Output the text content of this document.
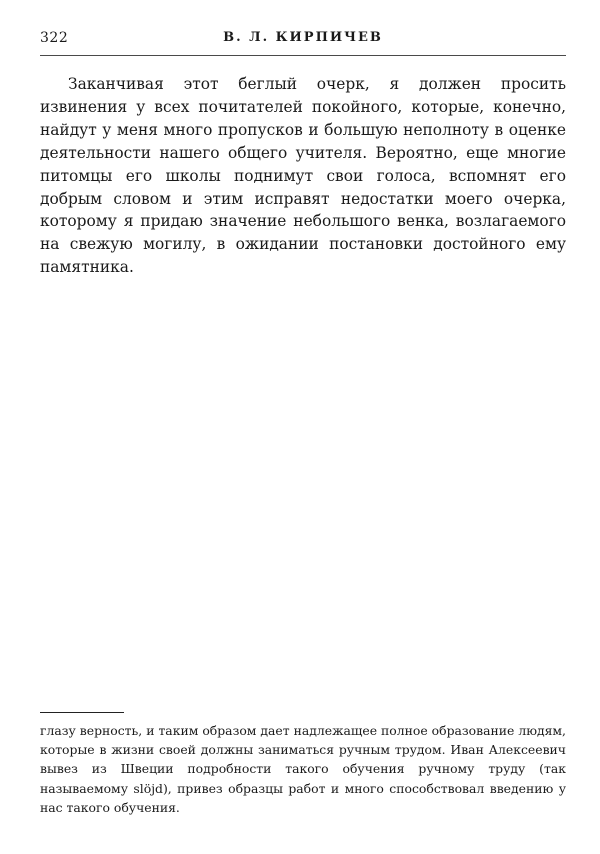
322	В. Л. КИРПИЧЕВ

Заканчивая этот беглый очерк, я должен просить извинения у всех почитателей покойного, которые, конечно, найдут у меня много пропусков и большую неполноту в оценке деятельности нашего общего учителя. Вероятно, еще многие питомцы его школы поднимут свои голоса, вспомнят его добрым словом и этим исправят недостатки моего очерка, которому я придаю значение небольшого венка, возлагаемого на свежую могилу, в ожидании постановки достойного ему памятника.

глазу верность, и таким образом дает надлежащее полное образование людям, которые в жизни своей должны заниматься ручным трудом. Иван Алексеевич вывез из Швеции подробности такого обучения ручному труду (так называемому slöjd), привез образцы работ и много способствовал введению у нас такого обучения.
